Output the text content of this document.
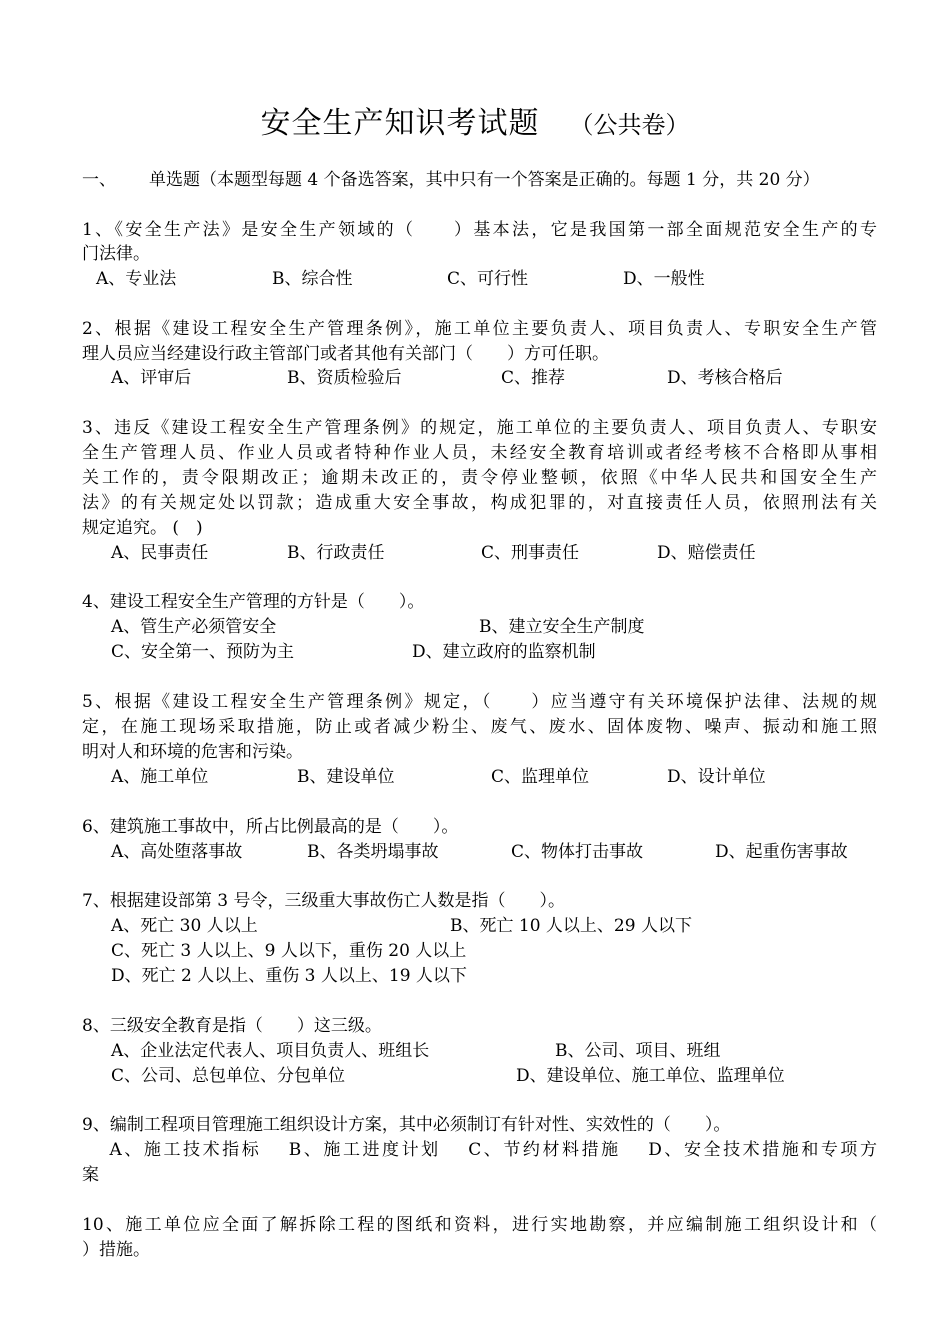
安全生产知识考试题 （公共卷）
一、 单选题（本题型每题 4 个备选答案，其中只有一个答案是正确的。每题 1 分，共 20 分）
1、《安全生产法》是安全生产领域的（　　）基本法，它是我国第一部全面规范安全生产的专
门法律。
A、专业法	B、综合性	C、可行性	D、一般性
2、根据《建设工程安全生产管理条例》，施工单位主要负责人、项目负责人、专职安全生产管
理人员应当经建设行政主管部门或者其他有关部门（　　）方可任职。
A、评审后	B、资质检验后	C、推荐	D、考核合格后
3、违反《建设工程安全生产管理条例》的规定，施工单位的主要负责人、项目负责人、专职安
全生产管理人员、作业人员或者特种作业人员，未经安全教育培训或者经考核不合格即从事相
关工作的，责令限期改正；逾期未改正的，责令停业整顿，依照《中华人民共和国安全生产
法》的有关规定处以罚款；造成重大安全事故，构成犯罪的，对直接责任人员，依照刑法有关
规定追究。 (　)
A、民事责任	B、行政责任	C、刑事责任	D、赔偿责任
4、建设工程安全生产管理的方针是（　　）。
A、管生产必须管安全	B、建立安全生产制度
C、安全第一、预防为主	D、建立政府的监察机制
5、根据《建设工程安全生产管理条例》规定，（　　）应当遵守有关环境保护法律、法规的规
定，在施工现场采取措施，防止或者减少粉尘、废气、废水、固体废物、噪声、振动和施工照
明对人和环境的危害和污染。
A、施工单位	B、建设单位	C、监理单位	D、设计单位
6、建筑施工事故中，所占比例最高的是（　　）。
A、高处堕落事故	B、各类坍塌事故	C、物体打击事故	D、起重伤害事故
7、根据建设部第 3 号令，三级重大事故伤亡人数是指（　　）。
A、死亡 30 人以上	B、死亡 10 人以上、29 人以下
C、死亡 3 人以上、9 人以下，重伤 20 人以上
D、死亡 2 人以上、重伤 3 人以上、19 人以下
8、三级安全教育是指（　　）这三级。
A、企业法定代表人、项目负责人、班组长	B、公司、项目、班组
C、公司、总包单位、分包单位	D、建设单位、施工单位、监理单位
9、编制工程项目管理施工组织设计方案，其中必须制订有针对性、实效性的（　　）。
　 A、施工技术指标　 B、施工进度计划　 C、节约材料措施　 D、安全技术措施和专项方
案
10、施工单位应全面了解拆除工程的图纸和资料，进行实地勘察，并应编制施工组织设计和（
）措施。
